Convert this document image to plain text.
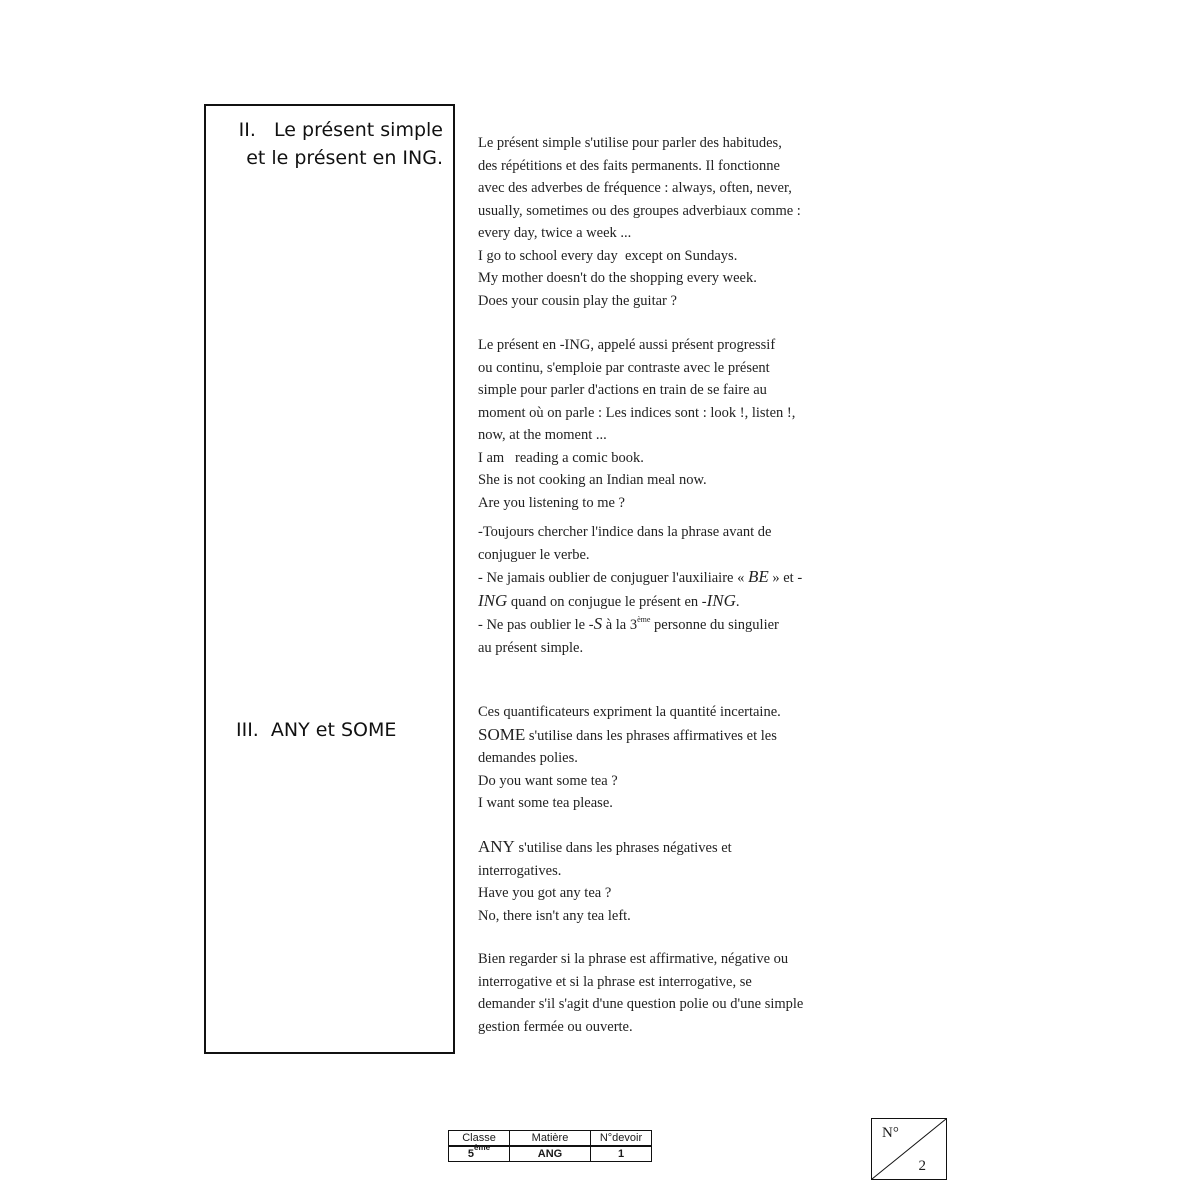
II.   Le présent simple
et le présent en ING.
III.  ANY et SOME

Le présent simple s'utilise pour parler des habitudes,

des répétitions et des faits permanents. Il fonctionne

avec des adverbes de fréquence : always, often, never,

usually, sometimes ou des groupes adverbiaux comme :

every day, twice a week ...

I go to school every day  except on Sundays.

My mother doesn't do the shopping every week.

Does your cousin play the guitar ?

Le présent en -ING, appelé aussi présent progressif

ou continu, s'emploie par contraste avec le présent

simple pour parler d'actions en train de se faire au

moment où on parle : Les indices sont : look !, listen !,

now, at the moment ...

I am   reading a comic book.

She is not cooking an Indian meal now.

Are you listening to me ?

-Toujours chercher l'indice dans la phrase avant de

conjuguer le verbe.

- Ne jamais oublier de conjuguer l'auxiliaire « BE » et -

ING quand on conjugue le présent en -ING.

- Ne pas oublier le -S à la 3ème personne du singulier

au présent simple.

Ces quantificateurs expriment la quantité incertaine.

SOME s'utilise dans les phrases affirmatives et les

demandes polies.

Do you want some tea ?

I want some tea please.

ANY s'utilise dans les phrases négatives et

interrogatives.

Have you got any tea ?

No, there isn't any tea left.

Bien regarder si la phrase est affirmative, négative ou

interrogative et si la phrase est interrogative, se

demander s'il s'agit d'une question polie ou d'une simple

gestion fermée ou ouverte.

Classe	Matière	N°devoir
5ème	ANG	1
N°
2
